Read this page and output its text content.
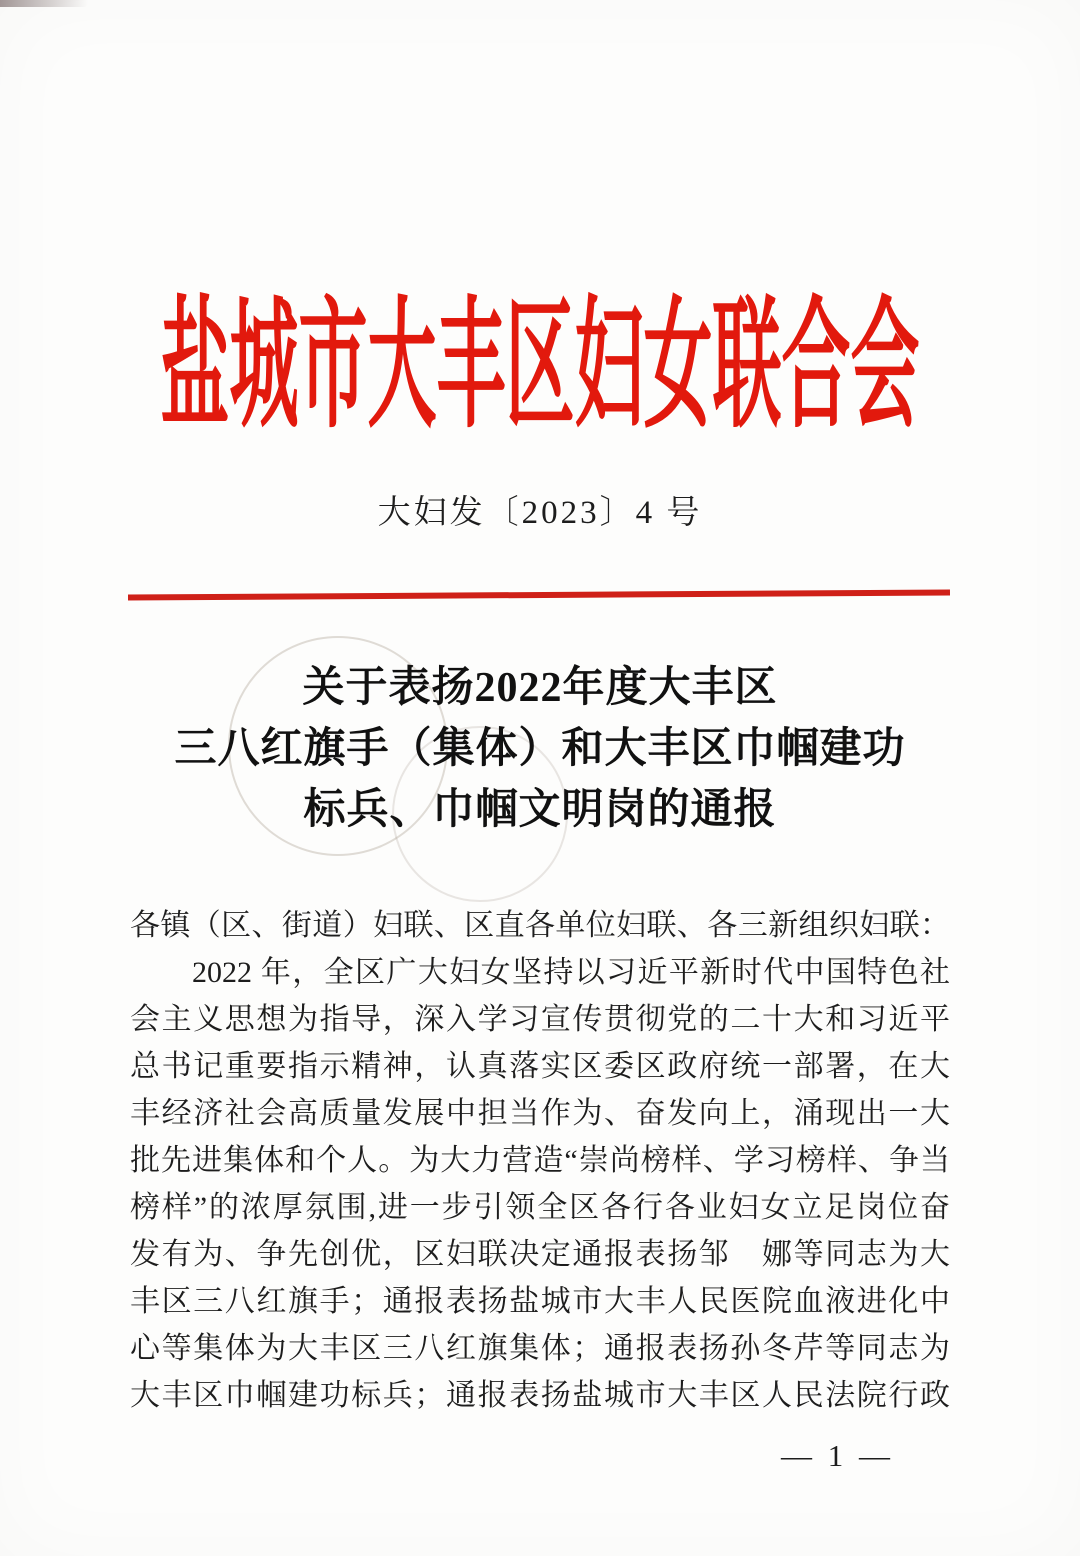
盐城市大丰区妇女联合会
大妇发〔2023〕4 号
关于表扬2022年度大丰区
三八红旗手（集体）和大丰区巾帼建功
标兵、巾帼文明岗的通报
各镇（区、街道）妇联、区直各单位妇联、各三新组织妇联：
2022 年，全区广大妇女坚持以习近平新时代中国特色社
会主义思想为指导，深入学习宣传贯彻党的二十大和习近平
总书记重要指示精神，认真落实区委区政府统一部署，在大
丰经济社会高质量发展中担当作为、奋发向上，涌现出一大
批先进集体和个人。为大力营造“崇尚榜样、学习榜样、争当
榜样”的浓厚氛围,进一步引领全区各行各业妇女立足岗位奋
发有为、争先创优，区妇联决定通报表扬邹　娜等同志为大
丰区三八红旗手；通报表扬盐城市大丰人民医院血液进化中
心等集体为大丰区三八红旗集体；通报表扬孙冬芹等同志为
大丰区巾帼建功标兵；通报表扬盐城市大丰区人民法院行政
— 1 —
